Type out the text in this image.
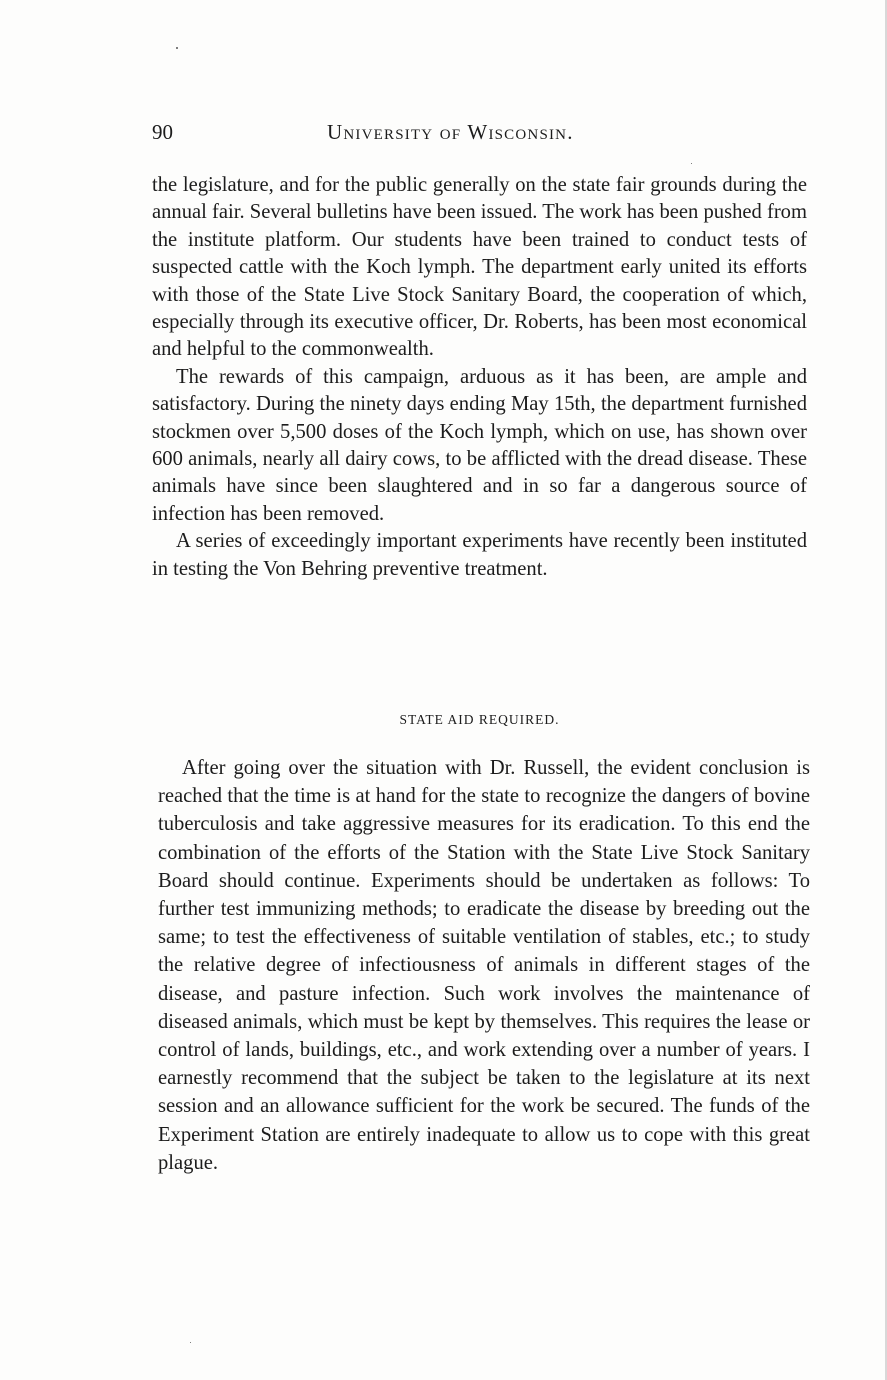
90	University of Wisconsin.

the legislature, and for the public generally on the state fair grounds during the annual fair. Several bulletins have been issued. The work has been pushed from the institute platform. Our students have been trained to conduct tests of suspected cattle with the Koch lymph. The department early united its efforts with those of the State Live Stock Sanitary Board, the cooperation of which, especially through its executive officer, Dr. Roberts, has been most economical and helpful to the commonwealth.

The rewards of this campaign, arduous as it has been, are ample and satisfactory. During the ninety days ending May 15th, the department furnished stockmen over 5,500 doses of the Koch lymph, which on use, has shown over 600 animals, nearly all dairy cows, to be afflicted with the dread disease. These animals have since been slaughtered and in so far a dangerous source of infection has been removed.

A series of exceedingly important experiments have recently been instituted in testing the Von Behring preventive treatment.

STATE AID REQUIRED.

After going over the situation with Dr. Russell, the evident conclusion is reached that the time is at hand for the state to recognize the dangers of bovine tuberculosis and take aggressive measures for its eradication. To this end the combination of the efforts of the Station with the State Live Stock Sanitary Board should continue. Experiments should be undertaken as follows: To further test immunizing methods; to eradicate the disease by breeding out the same; to test the effectiveness of suitable ventilation of stables, etc.; to study the relative degree of infectiousness of animals in different stages of the disease, and pasture infection. Such work involves the maintenance of diseased animals, which must be kept by themselves. This requires the lease or control of lands, buildings, etc., and work extending over a number of years. I earnestly recommend that the subject be taken to the legislature at its next session and an allowance sufficient for the work be secured. The funds of the Experiment Station are entirely inadequate to allow us to cope with this great plague.
